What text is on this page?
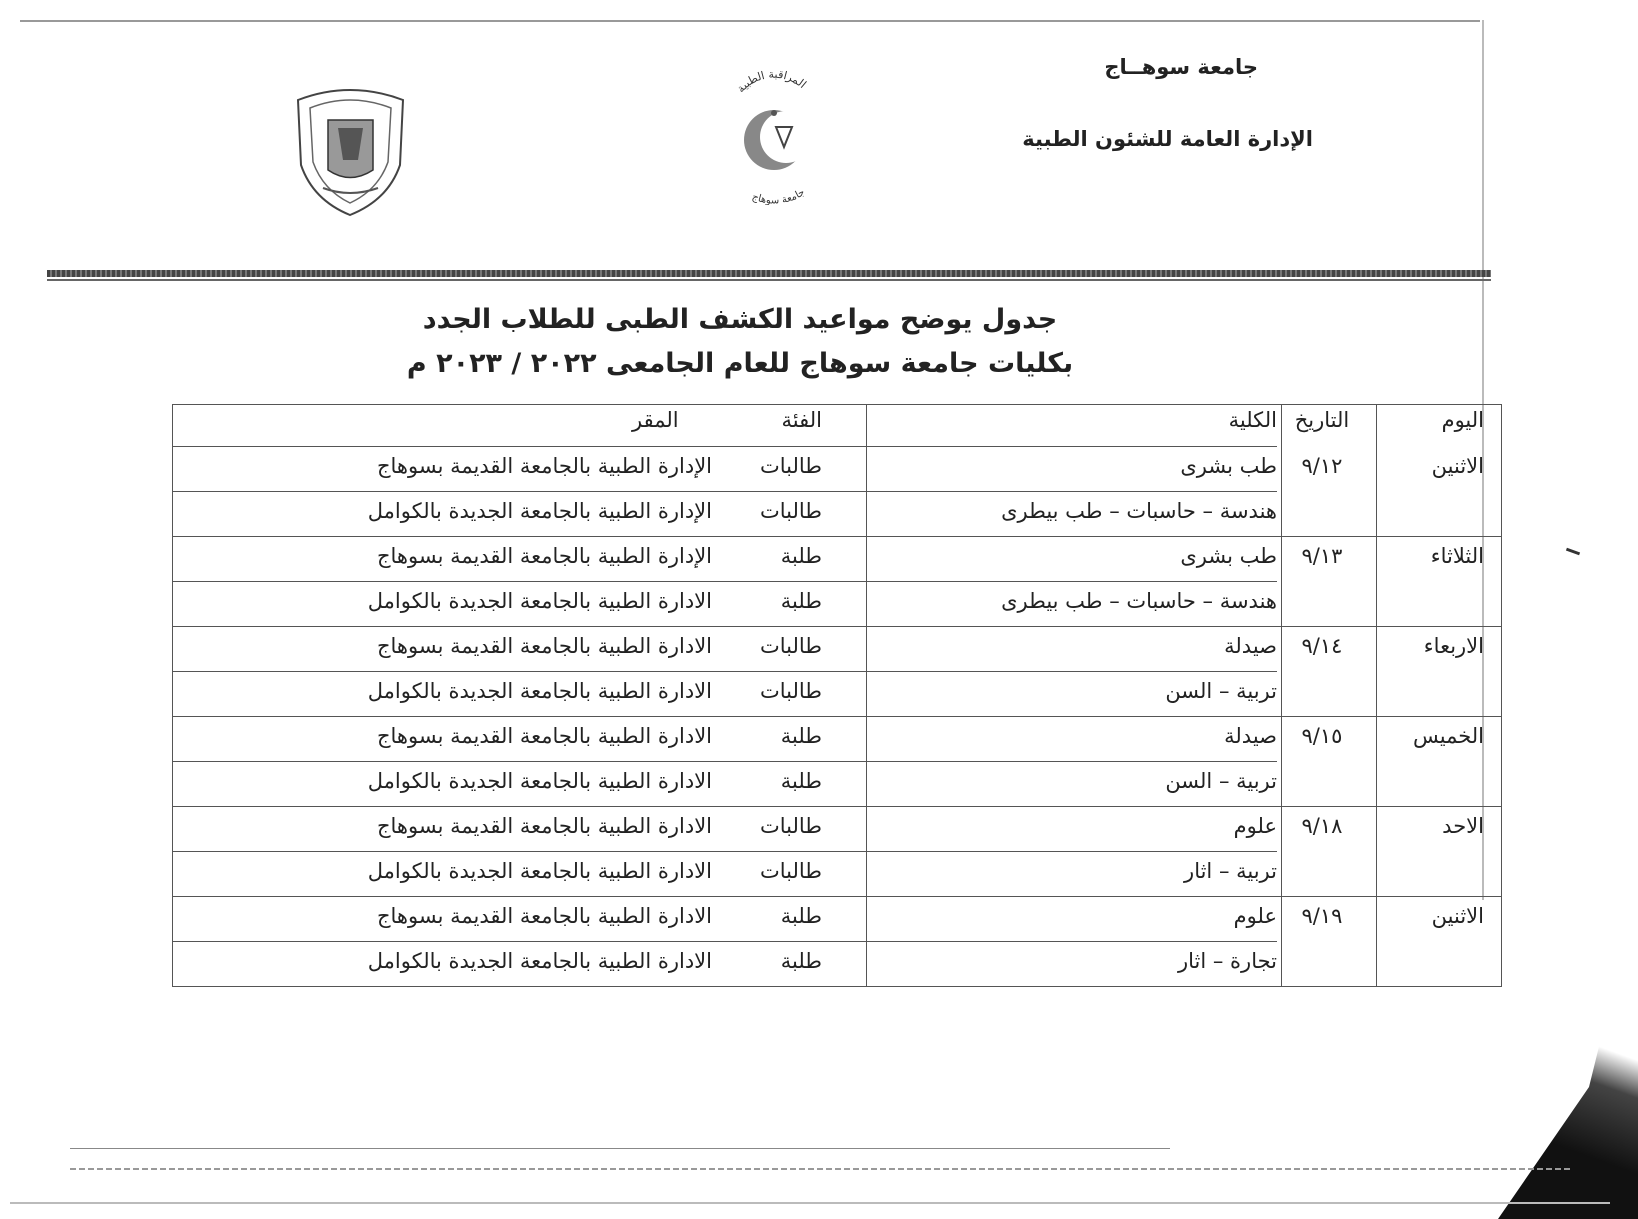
جامعة سوهــاج
الإدارة العامة للشئون الطبية
المراقبة الطبية
جامعة سوهاج
جدول يوضح مواعيد الكشف الطبى للطلاب الجدد
بكليات جامعة سوهاج للعام الجامعى ٢٠٢٢ / ٢٠٢٣ م
اليوم
التاريخ
الكلية
الفئة
المقر
الاثنين
٩/١٢
طب بشرى
طالبات
الإدارة الطبية بالجامعة القديمة بسوهاج
هندسة – حاسبات – طب بيطرى
طالبات
الإدارة الطبية بالجامعة الجديدة بالكوامل
الثلاثاء
٩/١٣
طب بشرى
طلبة
الإدارة الطبية بالجامعة القديمة بسوهاج
هندسة – حاسبات – طب بيطرى
طلبة
الادارة الطبية بالجامعة الجديدة بالكوامل
الاربعاء
٩/١٤
صيدلة
طالبات
الادارة الطبية بالجامعة القديمة بسوهاج
تربية – السن
طالبات
الادارة الطبية بالجامعة الجديدة بالكوامل
الخميس
٩/١٥
صيدلة
طلبة
الادارة الطبية بالجامعة القديمة بسوهاج
تربية – السن
طلبة
الادارة الطبية بالجامعة الجديدة بالكوامل
الاحد
٩/١٨
علوم
طالبات
الادارة الطبية بالجامعة القديمة بسوهاج
تربية – اثار
طالبات
الادارة الطبية بالجامعة الجديدة بالكوامل
الاثنين
٩/١٩
علوم
طلبة
الادارة الطبية بالجامعة القديمة بسوهاج
تجارة – اثار
طلبة
الادارة الطبية بالجامعة الجديدة بالكوامل
